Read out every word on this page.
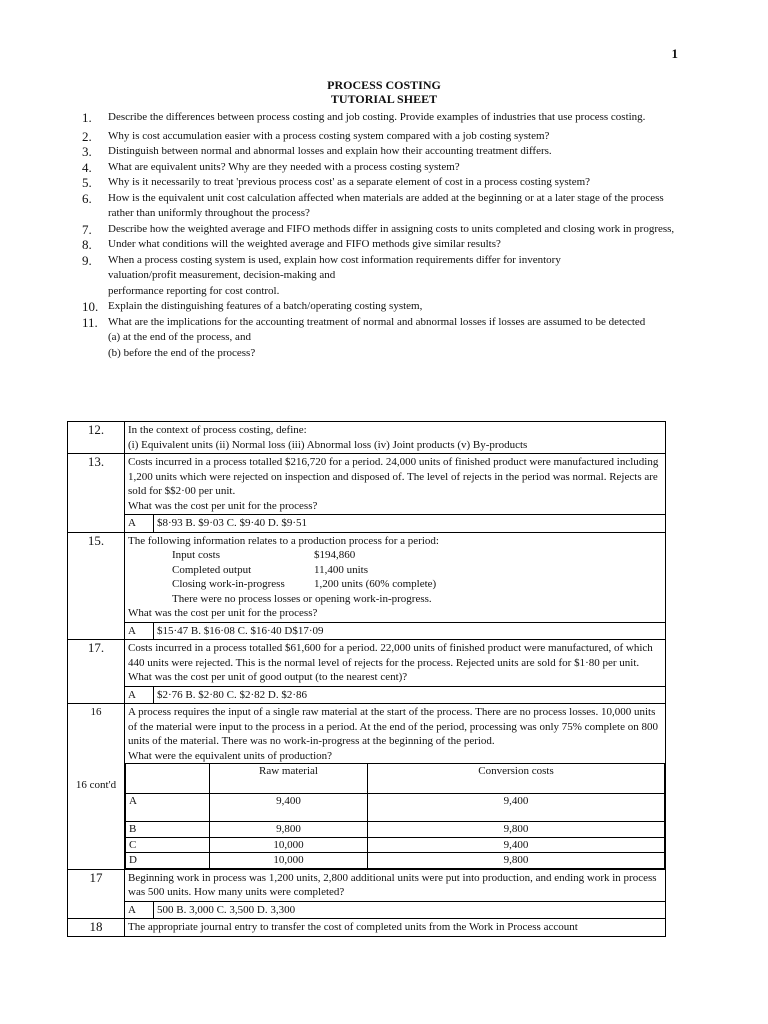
1
PROCESS COSTING
TUTORIAL SHEET
1.	Describe the differences between process costing and job costing. Provide examples of industries that use process costing.
2.	Why is cost accumulation easier with a process costing system compared with a job costing system?
3.	Distinguish between normal and abnormal losses and explain how their accounting treatment differs.
4.	What are equivalent units? Why are they needed with a process costing system?
5.	Why is it necessarily to treat 'previous process cost' as a separate element of cost in a process costing system?
6.	How is the equivalent unit cost calculation affected when materials are added at the beginning or at a later stage of the process rather than uniformly throughout the process?
7.	Describe how the weighted average and FIFO methods differ in assigning costs to units completed and closing work in progress,
8.	Under what conditions will the weighted average and FIFO methods give similar results?
9.	When a process costing system is used, explain how cost information requirements differ for inventory
valuation/profit measurement, decision-making and
performance reporting for cost control.
10. Explain the distinguishing features of a batch/operating costing system,
11. What are the implications for the accounting treatment of normal and abnormal losses if losses are assumed to be detected
(a) at the end of the process, and
(b) before the end of the process?
12.	In the context of process costing, define:
(i) Equivalent units (ii) Normal loss (iii) Abnormal loss (iv) Joint products (v) By-products
13.	Costs incurred in a process totalled $216,720 for a period. 24,000 units of finished product were manufactured including 1,200 units which were rejected on inspection and disposed of. The level of rejects in the period was normal. Rejects are sold for $$2·00 per unit.
What was the cost per unit for the process?
A	$8·93 B. $9·03 C. $9·40 D. $9·51
15.	The following information relates to a production process for a period:
Input costs	$194,860
Completed output	11,400 units
Closing work-in-progress	1,200 units (60% complete)
There were no process losses or opening work-in-progress.
What was the cost per unit for the process?

A	$15·47 B. $16·08 C. $16·40 D$17·09
17.	Costs incurred in a process totalled $61,600 for a period. 22,000 units of finished product were manufactured, of which 440 units were rejected. This is the normal level of rejects for the process. Rejected units are sold for $1·80 per unit.
What was the cost per unit of good output (to the nearest cent)?
A	$2·76 B. $2·80 C. $2·82 D. $2·86

16
16 cont'd

A process requires the input of a single raw material at the start of the process. There are no process losses. 10,000 units of the material were input to the process in a period. At the end of the period, processing was only 75% complete on 800 units of the material. There was no work-in-progress at the beginning of the period.
What were the equivalent units of production?
	Raw material	Conversion costs
A	9,400	9,400
B	9,800	9,800
C	10,000	9,400
D	10,000	9,800

17	Beginning work in process was 1,200 units, 2,800 additional units were put into production, and ending work in process was 500 units. How many units were completed?
A	500 B. 3,000 C. 3,500 D. 3,300
18	The appropriate journal entry to transfer the cost of completed units from the Work in Process account
